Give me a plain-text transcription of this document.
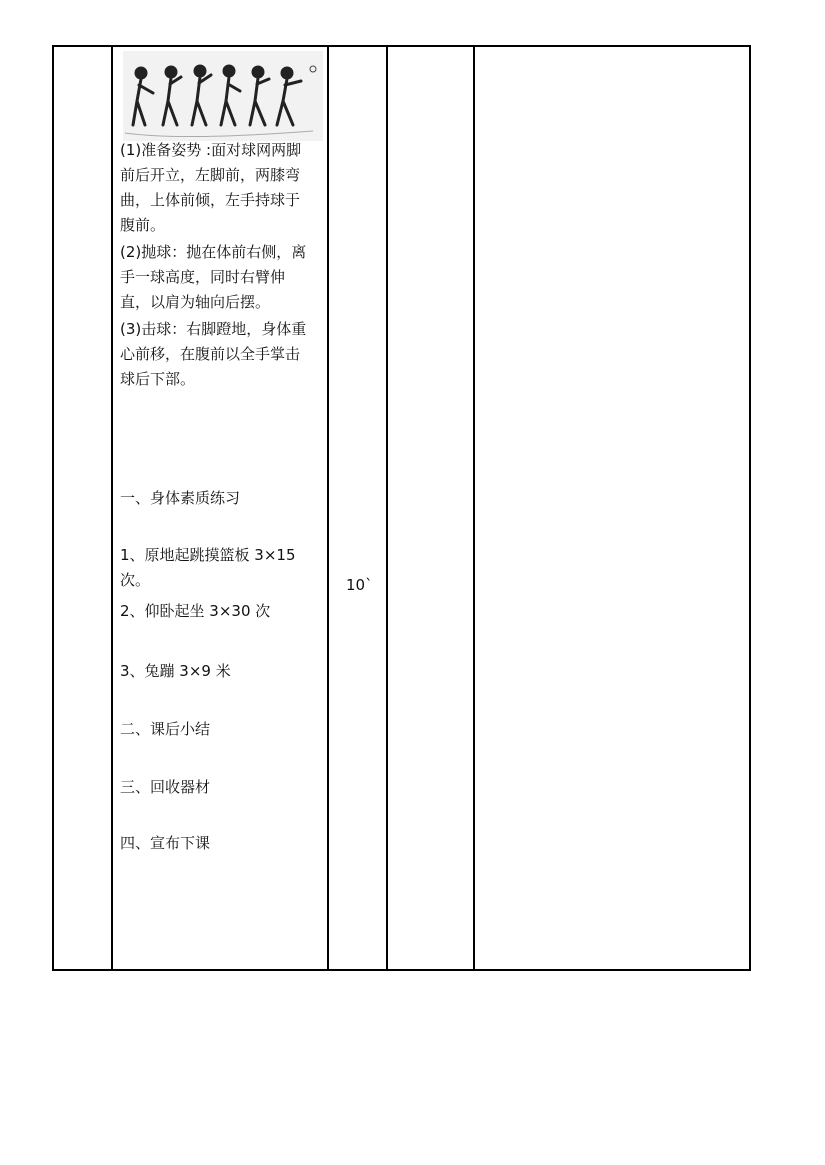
(1)准备姿势 :面对球网两脚
前后开立，左脚前，两膝弯
曲，上体前倾，左手持球于
腹前。
(2)抛球：抛在体前右侧，离
手一球高度，同时右臂伸
直，以肩为轴向后摆。
(3)击球：右脚蹬地，身体重
心前移，在腹前以全手掌击
球后下部。
一、身体素质练习
1、原地起跳摸篮板 3×15
次。
2、仰卧起坐 3×30 次
3、兔蹦 3×9 米
二、课后小结
三、回收器材
四、宣布下课
10`
